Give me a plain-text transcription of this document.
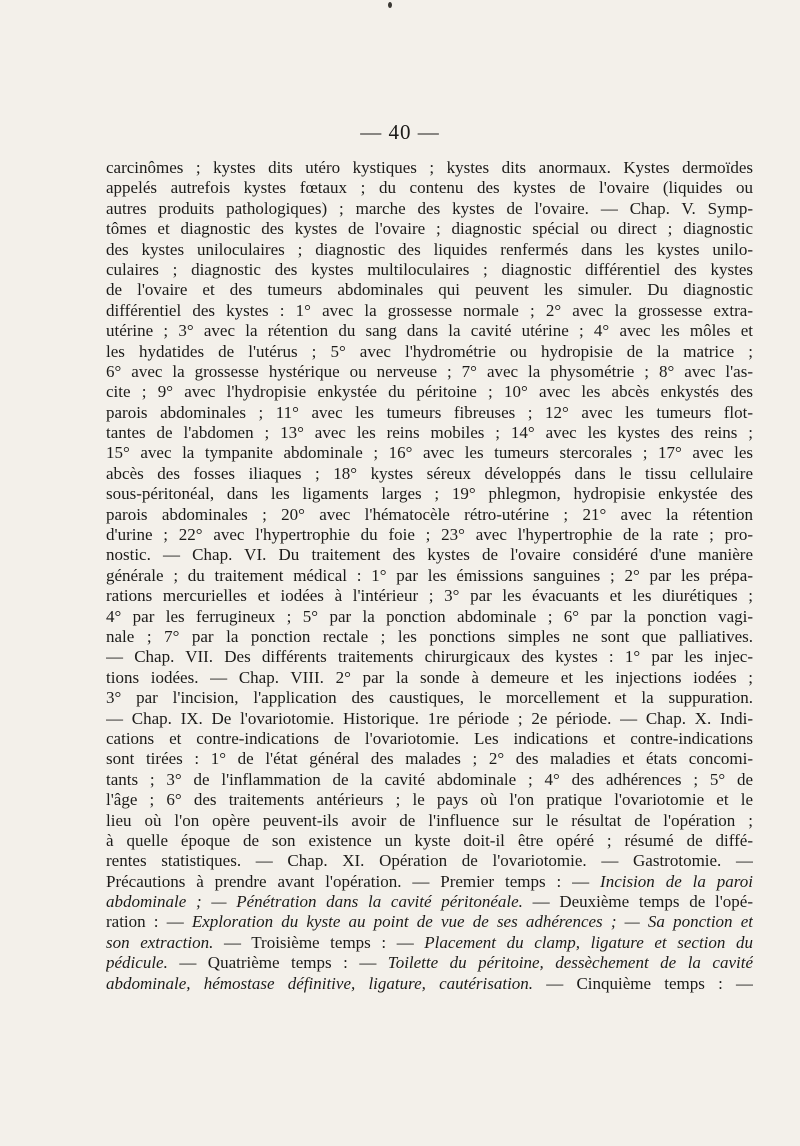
— 40 —
carcinômes ; kystes dits utéro kystiques ; kystes dits anormaux. Kystes dermoïdes
appelés autrefois kystes fœtaux ; du contenu des kystes de l'ovaire (liquides ou
autres produits pathologiques) ; marche des kystes de l'ovaire. — Chap. V. Symp-
tômes et diagnostic des kystes de l'ovaire ; diagnostic spécial ou direct ; diagnostic
des kystes uniloculaires ; diagnostic des liquides renfermés dans les kystes unilo-
culaires ; diagnostic des kystes multiloculaires ; diagnostic différentiel des kystes
de l'ovaire et des tumeurs abdominales qui peuvent les simuler. Du diagnostic
différentiel des kystes : 1° avec la grossesse normale ; 2° avec la grossesse extra-
utérine ; 3° avec la rétention du sang dans la cavité utérine ; 4° avec les môles et
les hydatides de l'utérus ; 5° avec l'hydrométrie ou hydropisie de la matrice ;
6° avec la grossesse hystérique ou nerveuse ; 7° avec la physométrie ; 8° avec l'as-
cite ; 9° avec l'hydropisie enkystée du péritoine ; 10° avec les abcès enkystés des
parois abdominales ; 11° avec les tumeurs fibreuses ; 12° avec les tumeurs flot-
tantes de l'abdomen ; 13° avec les reins mobiles ; 14° avec les kystes des reins ;
15° avec la tympanite abdominale ; 16° avec les tumeurs stercorales ; 17° avec les
abcès des fosses iliaques ; 18° kystes séreux développés dans le tissu cellulaire
sous-péritonéal, dans les ligaments larges ; 19° phlegmon, hydropisie enkystée des
parois abdominales ; 20° avec l'hématocèle rétro-utérine ; 21° avec la rétention
d'urine ; 22° avec l'hypertrophie du foie ; 23° avec l'hypertrophie de la rate ; pro-
nostic. — Chap. VI. Du traitement des kystes de l'ovaire considéré d'une manière
générale ; du traitement médical : 1° par les émissions sanguines ; 2° par les prépa-
rations mercurielles et iodées à l'intérieur ; 3° par les évacuants et les diurétiques ;
4° par les ferrugineux ; 5° par la ponction abdominale ; 6° par la ponction vagi-
nale ; 7° par la ponction rectale ; les ponctions simples ne sont que palliatives.
— Chap. VII. Des différents traitements chirurgicaux des kystes : 1° par les injec-
tions iodées. — Chap. VIII. 2° par la sonde à demeure et les injections iodées ;
3° par l'incision, l'application des caustiques, le morcellement et la suppuration.
— Chap. IX. De l'ovariotomie. Historique. 1re période ; 2e période. — Chap. X. Indi-
cations et contre-indications de l'ovariotomie. Les indications et contre-indications
sont tirées : 1° de l'état général des malades ; 2° des maladies et états concomi-
tants ; 3° de l'inflammation de la cavité abdominale ; 4° des adhérences ; 5° de
l'âge ; 6° des traitements antérieurs ; le pays où l'on pratique l'ovariotomie et le
lieu où l'on opère peuvent-ils avoir de l'influence sur le résultat de l'opération ;
à quelle époque de son existence un kyste doit-il être opéré ; résumé de diffé-
rentes statistiques. — Chap. XI. Opération de l'ovariotomie. — Gastrotomie. —
Précautions à prendre avant l'opération. — Premier temps : — Incision de la paroi
abdominale ; — Pénétration dans la cavité péritonéale. — Deuxième temps de l'opé-
ration : — Exploration du kyste au point de vue de ses adhérences ; — Sa ponction et
son extraction. — Troisième temps : — Placement du clamp, ligature et section du
pédicule. — Quatrième temps : — Toilette du péritoine, dessèchement de la cavité
abdominale, hémostase définitive, ligature, cautérisation. — Cinquième temps : —
